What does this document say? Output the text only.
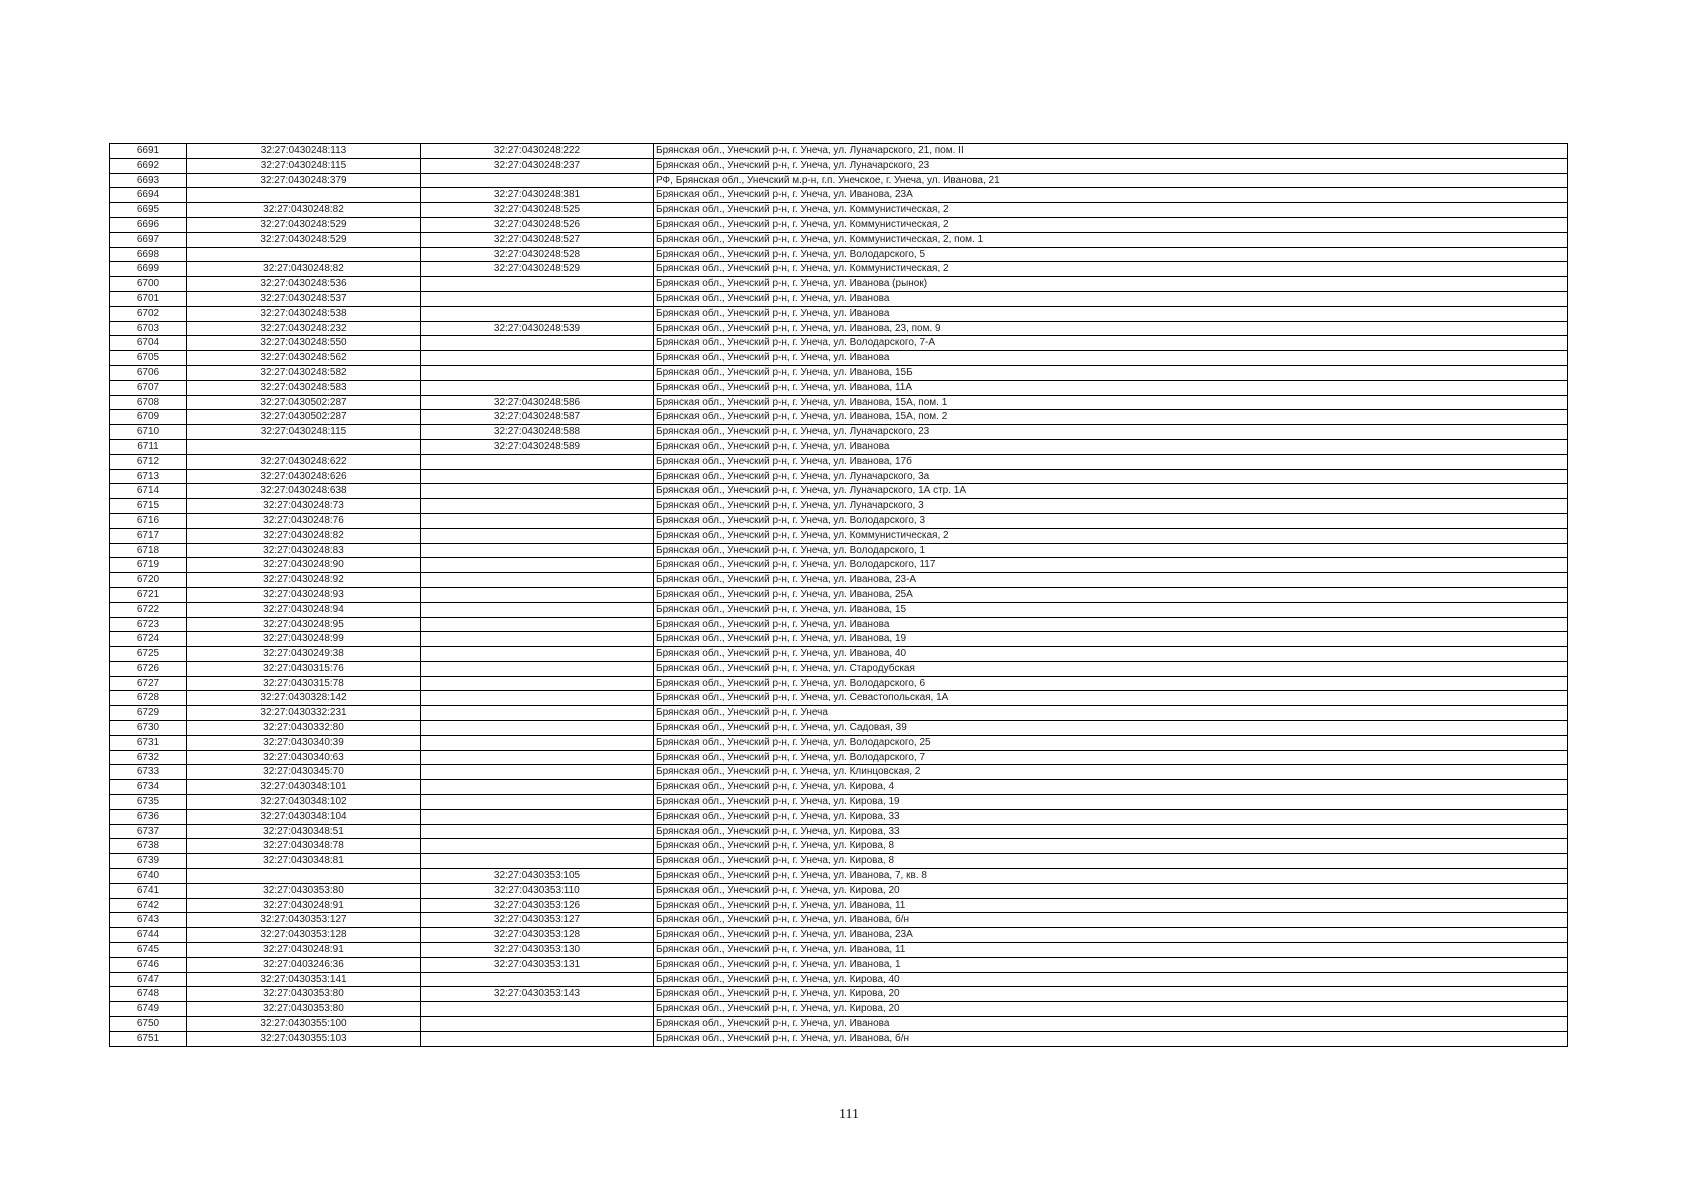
6691	32:27:0430248:113	32:27:0430248:222	Брянская обл., Унечский р-н, г. Унеча, ул. Луначарского, 21, пом. II
6692	32:27:0430248:115	32:27:0430248:237	Брянская обл., Унечский р-н, г. Унеча, ул. Луначарского, 23
6693	32:27:0430248:379		РФ, Брянская обл., Унечский м.р-н, г.п. Унечское, г. Унеча, ул. Иванова, 21
6694		32:27:0430248:381	Брянская обл., Унечский р-н, г. Унеча, ул. Иванова, 23А
6695	32:27:0430248:82	32:27:0430248:525	Брянская обл., Унечский р-н, г. Унеча, ул. Коммунистическая, 2
6696	32:27:0430248:529	32:27:0430248:526	Брянская обл., Унечский р-н, г. Унеча, ул. Коммунистическая, 2
6697	32:27:0430248:529	32:27:0430248:527	Брянская обл., Унечский р-н, г. Унеча, ул. Коммунистическая, 2, пом. 1
6698		32:27:0430248:528	Брянская обл., Унечский р-н, г. Унеча, ул. Володарского, 5
6699	32:27:0430248:82	32:27:0430248:529	Брянская обл., Унечский р-н, г. Унеча, ул. Коммунистическая, 2
6700	32:27:0430248:536		Брянская обл., Унечский р-н, г. Унеча, ул. Иванова (рынок)
6701	32:27:0430248:537		Брянская обл., Унечский р-н, г. Унеча, ул. Иванова
6702	32:27:0430248:538		Брянская обл., Унечский р-н, г. Унеча, ул. Иванова
6703	32:27:0430248:232	32:27:0430248:539	Брянская обл., Унечский р-н, г. Унеча, ул. Иванова, 23, пом. 9
6704	32:27:0430248:550		Брянская обл., Унечский р-н, г. Унеча, ул. Володарского, 7-А
6705	32:27:0430248:562		Брянская обл., Унечский р-н, г. Унеча, ул. Иванова
6706	32:27:0430248:582		Брянская обл., Унечский р-н, г. Унеча, ул. Иванова, 15Б
6707	32:27:0430248:583		Брянская обл., Унечский р-н, г. Унеча, ул. Иванова, 11А
6708	32:27:0430502:287	32:27:0430248:586	Брянская обл., Унечский р-н, г. Унеча, ул. Иванова, 15А, пом. 1
6709	32:27:0430502:287	32:27:0430248:587	Брянская обл., Унечский р-н, г. Унеча, ул. Иванова, 15А, пом. 2
6710	32:27:0430248:115	32:27:0430248:588	Брянская обл., Унечский р-н, г. Унеча, ул. Луначарского, 23
6711		32:27:0430248:589	Брянская обл., Унечский р-н, г. Унеча, ул. Иванова
6712	32:27:0430248:622		Брянская обл., Унечский р-н, г. Унеча, ул. Иванова, 17б
6713	32:27:0430248:626		Брянская обл., Унечский р-н, г. Унеча, ул. Луначарского, 3а
6714	32:27:0430248:638		Брянская обл., Унечский р-н, г. Унеча, ул. Луначарского, 1А стр. 1А
6715	32:27:0430248:73		Брянская обл., Унечский р-н, г. Унеча, ул. Луначарского, 3
6716	32:27:0430248:76		Брянская обл., Унечский р-н, г. Унеча, ул. Володарского, 3
6717	32:27:0430248:82		Брянская обл., Унечский р-н, г. Унеча, ул. Коммунистическая, 2
6718	32:27:0430248:83		Брянская обл., Унечский р-н, г. Унеча, ул. Володарского, 1
6719	32:27:0430248:90		Брянская обл., Унечский р-н, г. Унеча, ул. Володарского, 117
6720	32:27:0430248:92		Брянская обл., Унечский р-н, г. Унеча, ул. Иванова, 23-А
6721	32:27:0430248:93		Брянская обл., Унечский р-н, г. Унеча, ул. Иванова, 25А
6722	32:27:0430248:94		Брянская обл., Унечский р-н, г. Унеча, ул. Иванова, 15
6723	32:27:0430248:95		Брянская обл., Унечский р-н, г. Унеча, ул. Иванова
6724	32:27:0430248:99		Брянская обл., Унечский р-н, г. Унеча, ул. Иванова, 19
6725	32:27:0430249:38		Брянская обл., Унечский р-н, г. Унеча, ул. Иванова, 40
6726	32:27:0430315:76		Брянская обл., Унечский р-н, г. Унеча, ул. Стародубская
6727	32:27:0430315:78		Брянская обл., Унечский р-н, г. Унеча, ул. Володарского, 6
6728	32:27:0430328:142		Брянская обл., Унечский р-н, г. Унеча, ул. Севастопольская, 1А
6729	32:27:0430332:231		Брянская обл., Унечский р-н, г. Унеча
6730	32:27:0430332:80		Брянская обл., Унечский р-н, г. Унеча, ул. Садовая, 39
6731	32:27:0430340:39		Брянская обл., Унечский р-н, г. Унеча, ул. Володарского, 25
6732	32:27:0430340:63		Брянская обл., Унечский р-н, г. Унеча, ул. Володарского, 7
6733	32:27:0430345:70		Брянская обл., Унечский р-н, г. Унеча, ул. Клинцовская, 2
6734	32:27:0430348:101		Брянская обл., Унечский р-н, г. Унеча, ул. Кирова, 4
6735	32:27:0430348:102		Брянская обл., Унечский р-н, г. Унеча, ул. Кирова, 19
6736	32:27:0430348:104		Брянская обл., Унечский р-н, г. Унеча, ул. Кирова, 33
6737	32:27:0430348:51		Брянская обл., Унечский р-н, г. Унеча, ул. Кирова, 33
6738	32:27:0430348:78		Брянская обл., Унечский р-н, г. Унеча, ул. Кирова, 8
6739	32:27:0430348:81		Брянская обл., Унечский р-н, г. Унеча, ул. Кирова, 8
6740		32:27:0430353:105	Брянская обл., Унечский р-н, г. Унеча, ул. Иванова, 7, кв. 8
6741	32:27:0430353:80	32:27:0430353:110	Брянская обл., Унечский р-н, г. Унеча, ул. Кирова, 20
6742	32:27:0430248:91	32:27:0430353:126	Брянская обл., Унечский р-н, г. Унеча, ул. Иванова, 11
6743	32:27:0430353:127	32:27:0430353:127	Брянская обл., Унечский р-н, г. Унеча, ул. Иванова, б/н
6744	32:27:0430353:128	32:27:0430353:128	Брянская обл., Унечский р-н, г. Унеча, ул. Иванова, 23А
6745	32:27:0430248:91	32:27:0430353:130	Брянская обл., Унечский р-н, г. Унеча, ул. Иванова, 11
6746	32:27:0403246:36	32:27:0430353:131	Брянская обл., Унечский р-н, г. Унеча, ул. Иванова, 1
6747	32:27:0430353:141		Брянская обл., Унечский р-н, г. Унеча, ул. Кирова, 40
6748	32:27:0430353:80	32:27:0430353:143	Брянская обл., Унечский р-н, г. Унеча, ул. Кирова, 20
6749	32:27:0430353:80		Брянская обл., Унечский р-н, г. Унеча, ул. Кирова, 20
6750	32:27:0430355:100		Брянская обл., Унечский р-н, г. Унеча, ул. Иванова
6751	32:27:0430355:103		Брянская обл., Унечский р-н, г. Унеча, ул. Иванова, б/н
111
